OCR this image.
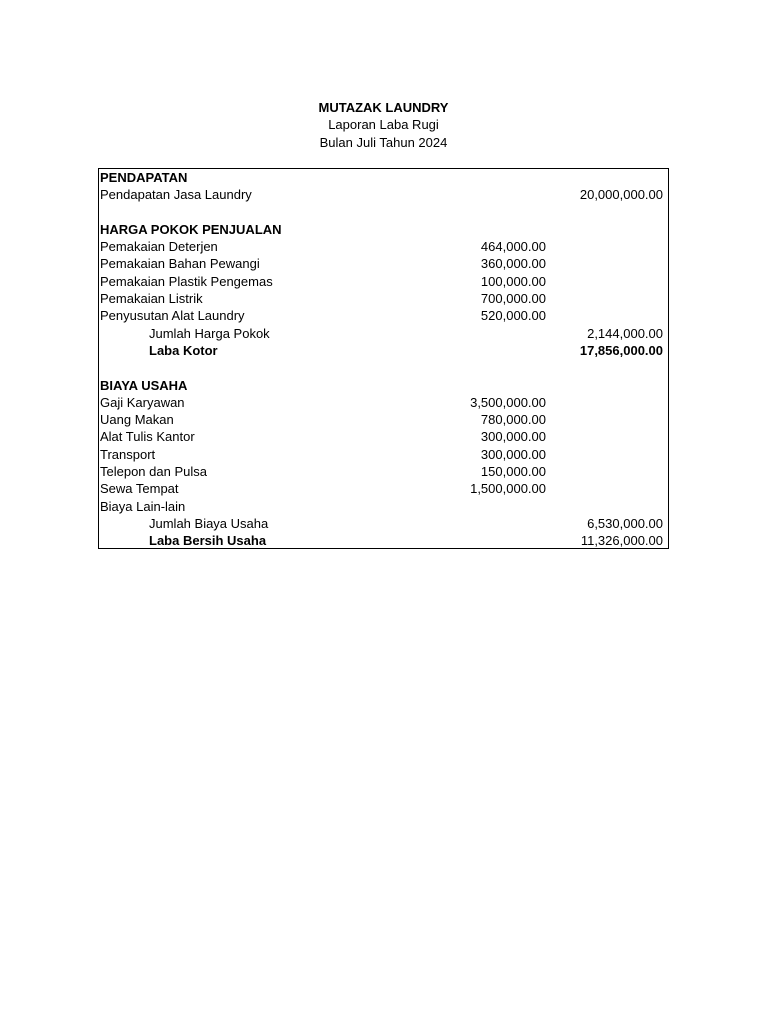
MUTAZAK LAUNDRY
Laporan Laba Rugi
Bulan Juli Tahun 2024
PENDAPATAN
Pendapatan Jasa Laundry	20,000,000.00
HARGA POKOK PENJUALAN
Pemakaian Deterjen	464,000.00
Pemakaian Bahan Pewangi	360,000.00
Pemakaian Plastik Pengemas	100,000.00
Pemakaian Listrik	700,000.00
Penyusutan Alat Laundry	520,000.00
Jumlah Harga Pokok	2,144,000.00
Laba Kotor	17,856,000.00
BIAYA USAHA
Gaji Karyawan	3,500,000.00
Uang Makan	780,000.00
Alat Tulis Kantor	300,000.00
Transport	300,000.00
Telepon dan Pulsa	150,000.00
Sewa Tempat	1,500,000.00
Biaya Lain-lain
Jumlah Biaya Usaha	6,530,000.00
Laba Bersih Usaha	11,326,000.00
